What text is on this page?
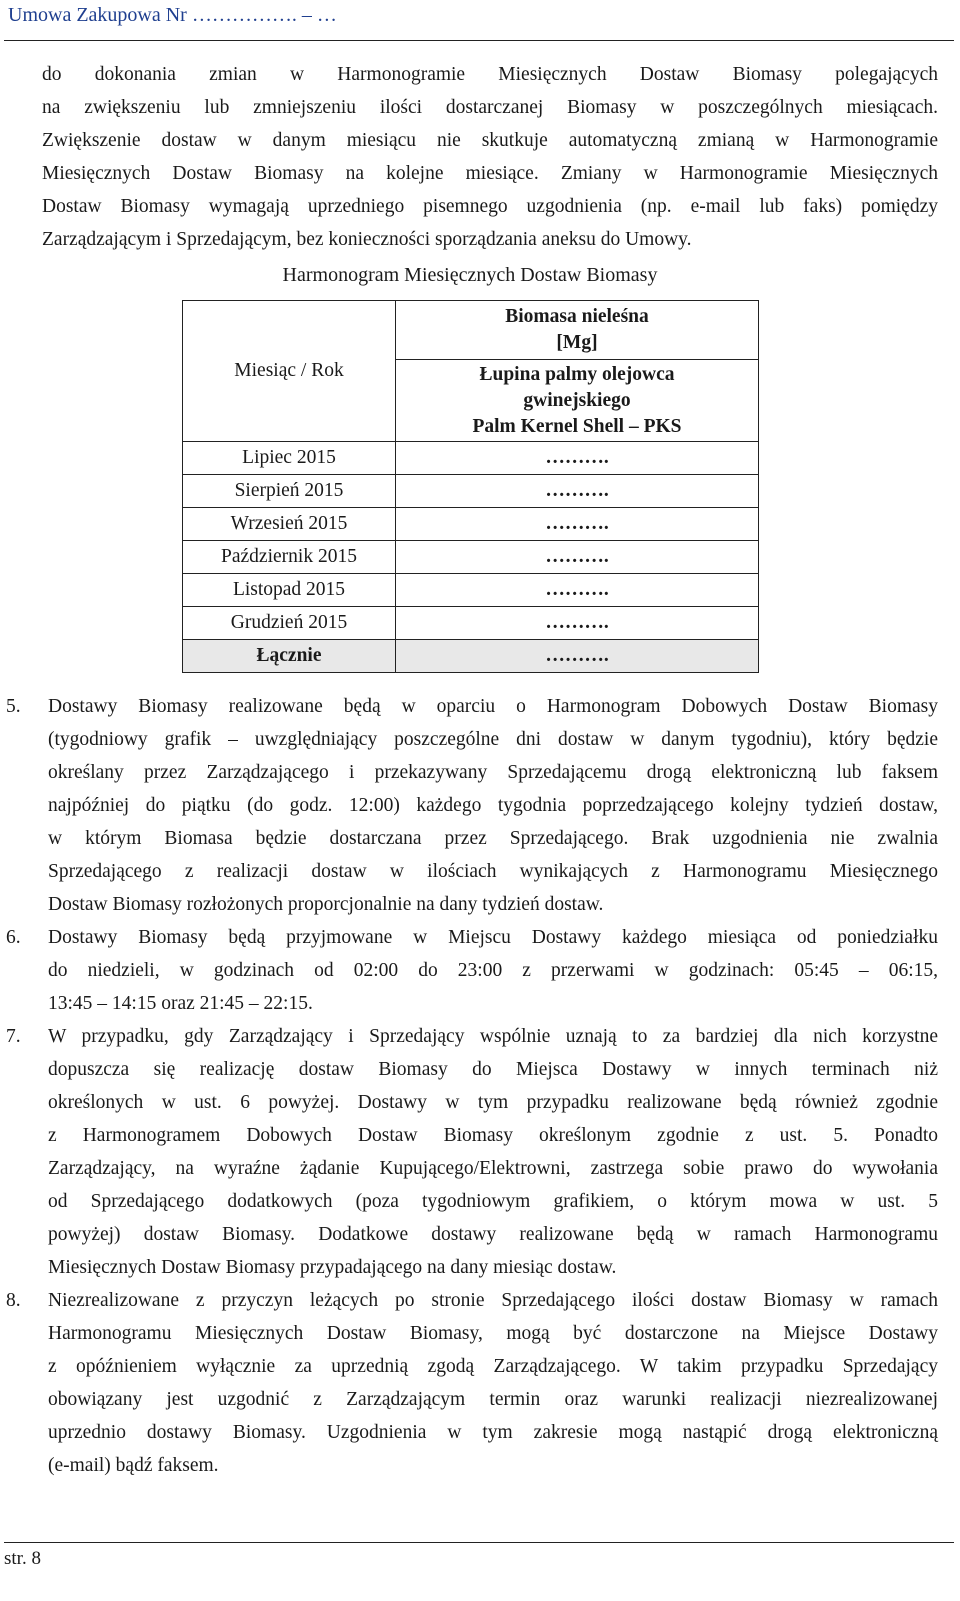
Umowa Zakupowa Nr ……………. – …
do dokonania zmian w Harmonogramie Miesięcznych Dostaw Biomasy polegających
na zwiększeniu lub zmniejszeniu ilości dostarczanej Biomasy w poszczególnych miesiącach.
Zwiększenie dostaw w danym miesiącu nie skutkuje automatyczną zmianą w Harmonogramie
Miesięcznych Dostaw Biomasy na kolejne miesiące. Zmiany w Harmonogramie Miesięcznych
Dostaw Biomasy wymagają uprzedniego pisemnego uzgodnienia (np. e-mail lub faks) pomiędzy
Zarządzającym i Sprzedającym, bez konieczności sporządzania aneksu do Umowy.
Harmonogram Miesięcznych Dostaw Biomasy
Miesiąc / Rok	Biomasa nieleśna
[Mg]

	Łupina palmy olejowca
gwinejskiego
Palm Kernel Shell – PKS

Lipiec 2015	……….
Sierpień 2015	……….
Wrzesień 2015	……….
Październik 2015	……….
Listopad 2015	……….
Grudzień 2015	……….
Łącznie	……….
5. Dostawy Biomasy realizowane będą w oparciu o Harmonogram Dobowych Dostaw Biomasy
(tygodniowy grafik – uwzględniający poszczególne dni dostaw w danym tygodniu), który będzie
określany przez Zarządzającego i przekazywany Sprzedającemu drogą elektroniczną lub faksem
najpóźniej do piątku (do godz. 12:00) każdego tygodnia poprzedzającego kolejny tydzień dostaw,
w którym Biomasa będzie dostarczana przez Sprzedającego. Brak uzgodnienia nie zwalnia
Sprzedającego z realizacji dostaw w ilościach wynikających z Harmonogramu Miesięcznego
Dostaw Biomasy rozłożonych proporcjonalnie na dany tydzień dostaw.
6. Dostawy Biomasy będą przyjmowane w Miejscu Dostawy każdego miesiąca od poniedziałku
do niedzieli, w godzinach od 02:00 do 23:00 z przerwami w godzinach: 05:45 – 06:15,
13:45 – 14:15 oraz 21:45 – 22:15.
7. W przypadku, gdy Zarządzający i Sprzedający wspólnie uznają to za bardziej dla nich korzystne
dopuszcza się realizację dostaw Biomasy do Miejsca Dostawy w innych terminach niż
określonych w ust. 6 powyżej. Dostawy w tym przypadku realizowane będą również zgodnie
z Harmonogramem Dobowych Dostaw Biomasy określonym zgodnie z ust. 5. Ponadto
Zarządzający, na wyraźne żądanie Kupującego/Elektrowni, zastrzega sobie prawo do wywołania
od Sprzedającego dodatkowych (poza tygodniowym grafikiem, o którym mowa w ust. 5
powyżej) dostaw Biomasy. Dodatkowe dostawy realizowane będą w ramach Harmonogramu
Miesięcznych Dostaw Biomasy przypadającego na dany miesiąc dostaw.
8. Niezrealizowane z przyczyn leżących po stronie Sprzedającego ilości dostaw Biomasy w ramach
Harmonogramu Miesięcznych Dostaw Biomasy, mogą być dostarczone na Miejsce Dostawy
z opóźnieniem wyłącznie za uprzednią zgodą Zarządzającego. W takim przypadku Sprzedający
obowiązany jest uzgodnić z Zarządzającym termin oraz warunki realizacji niezrealizowanej
uprzednio dostawy Biomasy. Uzgodnienia w tym zakresie mogą nastąpić drogą elektroniczną
(e-mail) bądź faksem.
str. 8
